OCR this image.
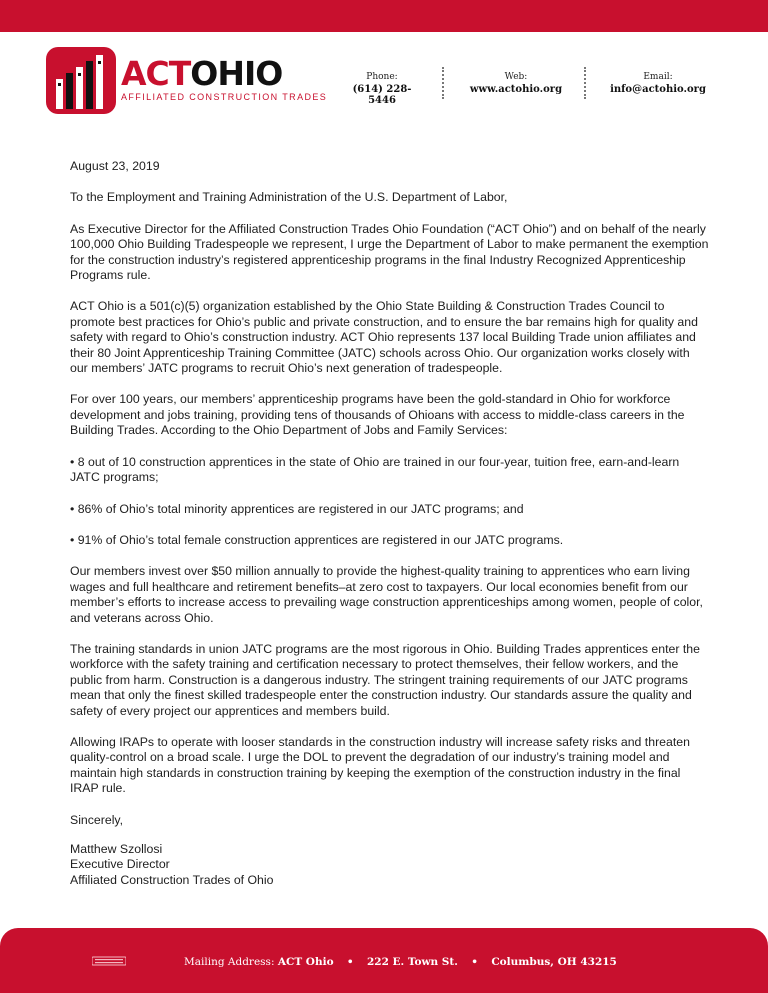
ACTOHIO
AFFILIATED CONSTRUCTION TRADES
Phone:
(614) 228-5446
Web:
www.actohio.org
Email:
info@actohio.org

August 23, 2019

To the Employment and Training Administration of the U.S. Department of Labor,

As Executive Director for the Affiliated Construction Trades Ohio Foundation (“ACT Ohio”) and on behalf of the nearly 100,000 Ohio Building Tradespeople we represent, I urge the Department of Labor to make permanent the exemption for the construction industry’s registered apprenticeship programs in the final Industry Recognized Apprenticeship Programs rule.

ACT Ohio is a 501(c)(5) organization established by the Ohio State Building & Construction Trades Council to promote best practices for Ohio’s public and private construction, and to ensure the bar remains high for quality and safety with regard to Ohio’s construction industry. ACT Ohio represents 137 local Building Trade union affiliates and their 80 Joint Apprenticeship Training Committee (JATC) schools across Ohio. Our organization works closely with our members’ JATC programs to recruit Ohio’s next generation of tradespeople.

For over 100 years, our members’ apprenticeship programs have been the gold-standard in Ohio for workforce development and jobs training, providing tens of thousands of Ohioans with access to middle-class careers in the Building Trades. According to the Ohio Department of Jobs and Family Services:

• 8 out of 10 construction apprentices in the state of Ohio are trained in our four-year, tuition free, earn-and-learn JATC programs;

• 86% of Ohio’s total minority apprentices are registered in our JATC programs; and

• 91% of Ohio’s total female construction apprentices are registered in our JATC programs.

Our members invest over $50 million annually to provide the highest-quality training to apprentices who earn living wages and full healthcare and retirement benefits–at zero cost to taxpayers. Our local economies benefit from our member’s efforts to increase access to prevailing wage construction apprenticeships among women, people of color, and veterans across Ohio.

The training standards in union JATC programs are the most rigorous in Ohio. Building Trades apprentices enter the workforce with the safety training and certification necessary to protect themselves, their fellow workers, and the public from harm. Construction is a dangerous industry. The stringent training requirements of our JATC programs mean that only the finest skilled tradespeople enter the construction industry. Our standards assure the quality and safety of every project our apprentices and members build.

Allowing IRAPs to operate with looser standards in the construction industry will increase safety risks and threaten quality-control on a broad scale. I urge the DOL to prevent the degradation of our industry’s training model and maintain high standards in construction training by keeping the exemption of the construction industry in the final IRAP rule.

Sincerely,

Matthew Szollosi
Executive Director
Affiliated Construction Trades of Ohio
Mailing Address: ACT Ohio • 222 E. Town St. • Columbus, OH 43215
